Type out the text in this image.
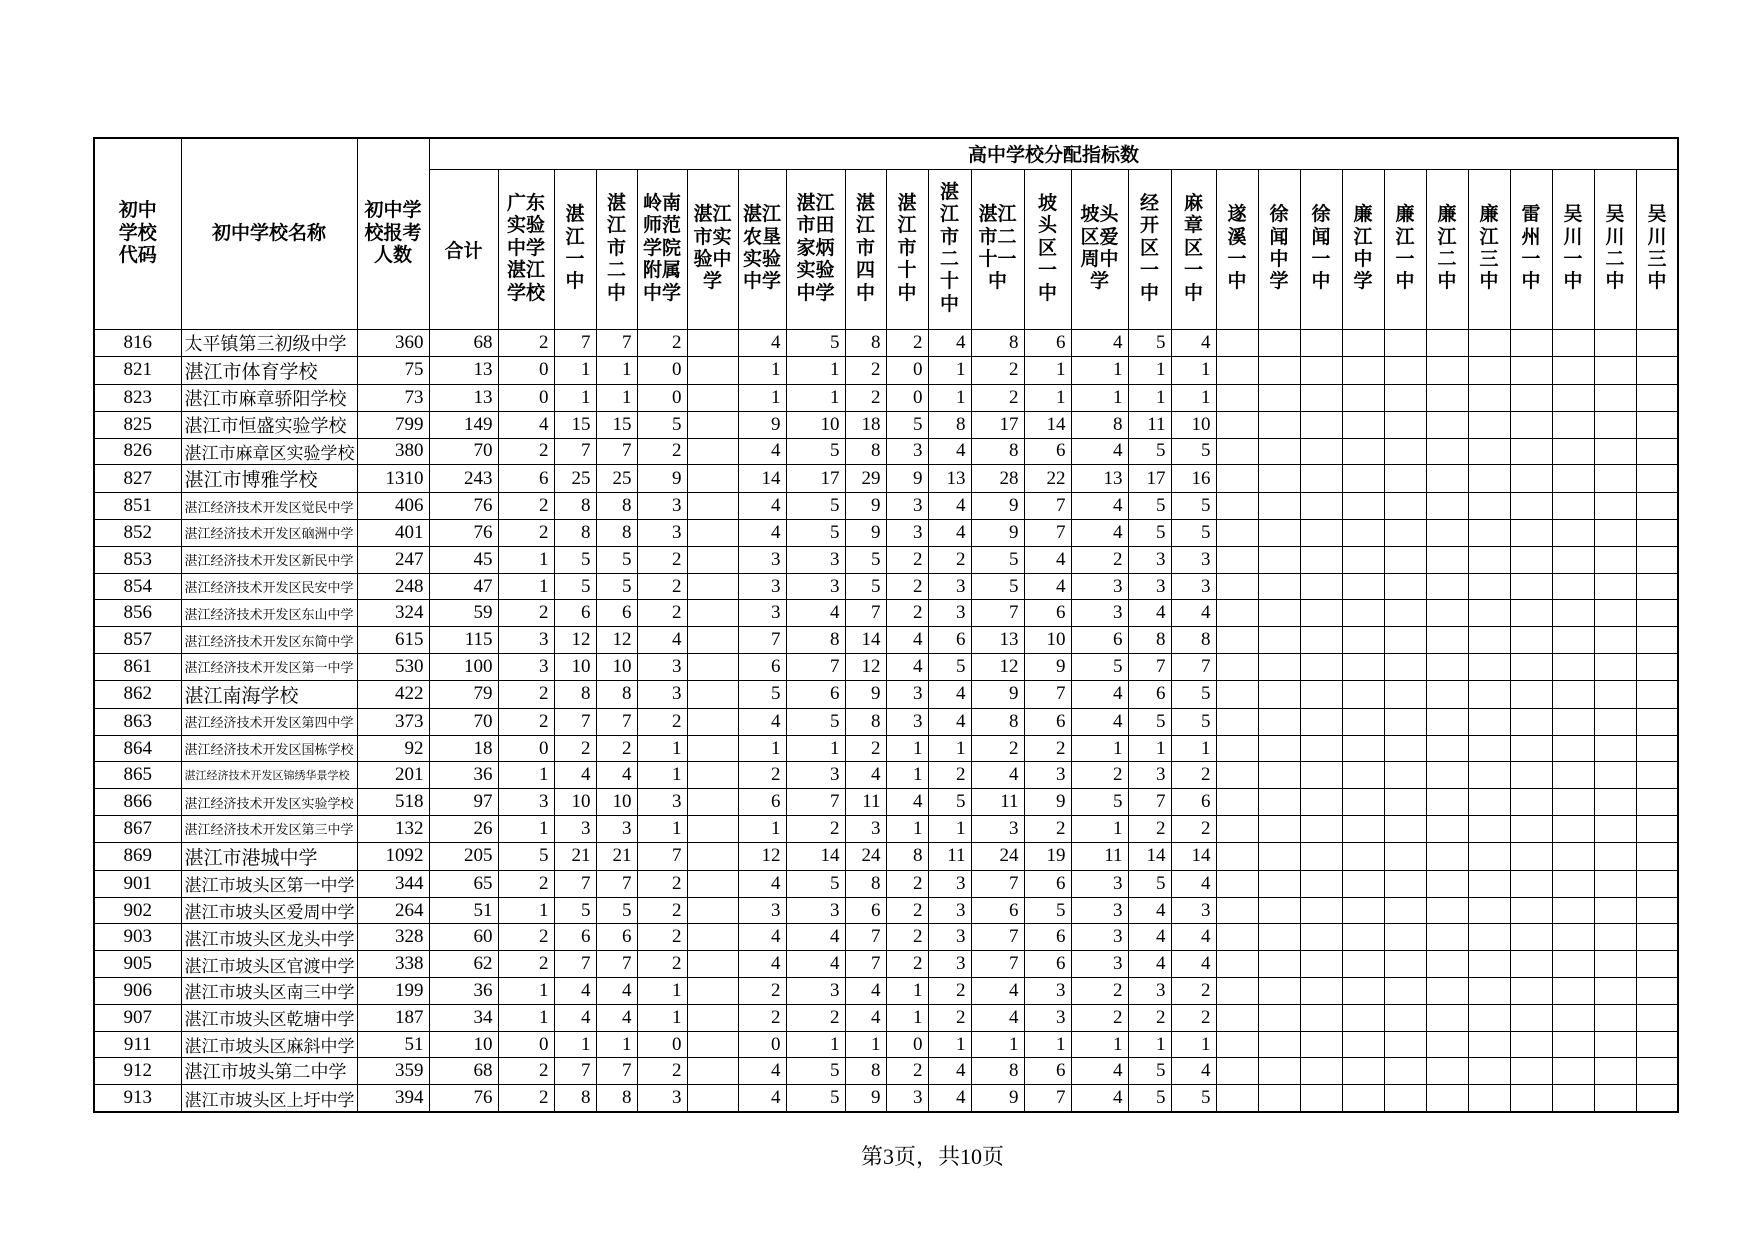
初中学校代码	初中学校名称	初中学校报考人数	高中学校分配指标数																										
			合计	广东实验中学湛江学校	湛江一中	湛江市二中	岭南师范学院附属中学	湛江市实验中学	湛江农垦实验中学	湛江市田家炳实验中学	湛江市四中	湛江市十中	湛江市二十中	湛江市二十一中	坡头区一中	坡头区爱周中学	经开区一中	麻章区一中	遂溪一中	徐闻中学	徐闻一中	廉江中学	廉江一中	廉江二中	廉江三中	雷州一中	吴川一中	吴川二中	吴川三中

816	太平镇第三初级中学	360	68	2	7	7	2		4	5	8	2	4	8	6	4	5	4											
821	湛江市体育学校	75	13	0	1	1	0		1	1	2	0	1	2	1	1	1	1											
823	湛江市麻章骄阳学校	73	13	0	1	1	0		1	1	2	0	1	2	1	1	1	1											
825	湛江市恒盛实验学校	799	149	4	15	15	5		9	10	18	5	8	17	14	8	11	10											
826	湛江市麻章区实验学校	380	70	2	7	7	2		4	5	8	3	4	8	6	4	5	5											
827	湛江市博雅学校	1310	243	6	25	25	9		14	17	29	9	13	28	22	13	17	16											
851	湛江经济技术开发区觉民中学	406	76	2	8	8	3		4	5	9	3	4	9	7	4	5	5											
852	湛江经济技术开发区硇洲中学	401	76	2	8	8	3		4	5	9	3	4	9	7	4	5	5											
853	湛江经济技术开发区新民中学	247	45	1	5	5	2		3	3	5	2	2	5	4	2	3	3											
854	湛江经济技术开发区民安中学	248	47	1	5	5	2		3	3	5	2	3	5	4	3	3	3											
856	湛江经济技术开发区东山中学	324	59	2	6	6	2		3	4	7	2	3	7	6	3	4	4											
857	湛江经济技术开发区东简中学	615	115	3	12	12	4		7	8	14	4	6	13	10	6	8	8											
861	湛江经济技术开发区第一中学	530	100	3	10	10	3		6	7	12	4	5	12	9	5	7	7											
862	湛江南海学校	422	79	2	8	8	3		5	6	9	3	4	9	7	4	6	5											
863	湛江经济技术开发区第四中学	373	70	2	7	7	2		4	5	8	3	4	8	6	4	5	5											
864	湛江经济技术开发区国栋学校	92	18	0	2	2	1		1	1	2	1	1	2	2	1	1	1											
865	湛江经济技术开发区锦绣华景学校	201	36	1	4	4	1		2	3	4	1	2	4	3	2	3	2											
866	湛江经济技术开发区实验学校	518	97	3	10	10	3		6	7	11	4	5	11	9	5	7	6											
867	湛江经济技术开发区第三中学	132	26	1	3	3	1		1	2	3	1	1	3	2	1	2	2											
869	湛江市港城中学	1092	205	5	21	21	7		12	14	24	8	11	24	19	11	14	14											
901	湛江市坡头区第一中学	344	65	2	7	7	2		4	5	8	2	3	7	6	3	5	4											
902	湛江市坡头区爱周中学	264	51	1	5	5	2		3	3	6	2	3	6	5	3	4	3											
903	湛江市坡头区龙头中学	328	60	2	6	6	2		4	4	7	2	3	7	6	3	4	4											
905	湛江市坡头区官渡中学	338	62	2	7	7	2		4	4	7	2	3	7	6	3	4	4											
906	湛江市坡头区南三中学	199	36	1	4	4	1		2	3	4	1	2	4	3	2	3	2											
907	湛江市坡头区乾塘中学	187	34	1	4	4	1		2	2	4	1	2	4	3	2	2	2											
911	湛江市坡头区麻斜中学	51	10	0	1	1	0		0	1	1	0	1	1	1	1	1	1											
912	湛江市坡头第二中学	359	68	2	7	7	2		4	5	8	2	4	8	6	4	5	4											
913	湛江市坡头区上圩中学	394	76	2	8	8	3		4	5	9	3	4	9	7	4	5	5											
第3页，共10页
